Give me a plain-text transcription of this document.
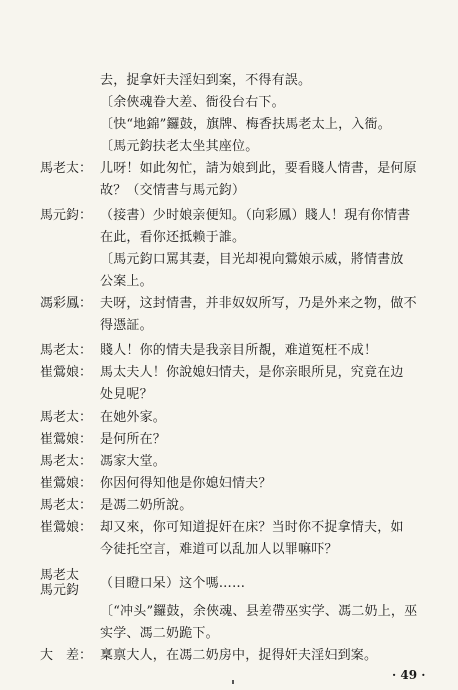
去，捉拿奸夫淫妇到案，不得有誤。
〔余俠魂眷大差、衙役台右下。
〔快“地錦”鑼鼓，旗牌、梅香扶馬老太上，入衙。
〔馬元鈞扶老太坐其座位。
馬老太： 儿呀！如此匆忙，請为娘到此，要看賤人情書，是何原
故？（交情書与馬元鈞）
馬元鈞： （接書）少时娘亲便知。（向彩鳳）賤人！現有你情書
在此，看你还抵赖于誰。
〔馬元鈞口罵其妻，目光却視向鶯娘示威，將情書放
公案上。
馮彩鳳： 夫呀，这封情書，并非奴奴所写，乃是外来之物，做不
得憑証。
馬老太： 賤人！你的情夫是我亲目所覩，难道冤枉不成！
崔鶯娘： 馬太夫人！你說媳妇情夫，是你亲眼所見，究竟在边
处見呢？
馬老太： 在她外家。
崔鶯娘： 是何所在？
馬老太： 馮家大堂。
崔鶯娘： 你因何得知他是你媳妇情夫？
馬老太： 是馮二奶所說。
崔鶯娘： 却又來，你可知道捉奸在床？当时你不捉拿情夫，如
今徒托空言，难道可以乱加人以罪嘛吓？
馬老太
馬元鈞 （目瞪口呆）这个嗎……
〔“冲头”鑼鼓，余俠魂、县差帶巫实学、馮二奶上，巫
实学、馮二奶跪下。
大　差： 稟禀大人，在馮二奶房中，捉得奸夫淫妇到案。
· 49 ·
